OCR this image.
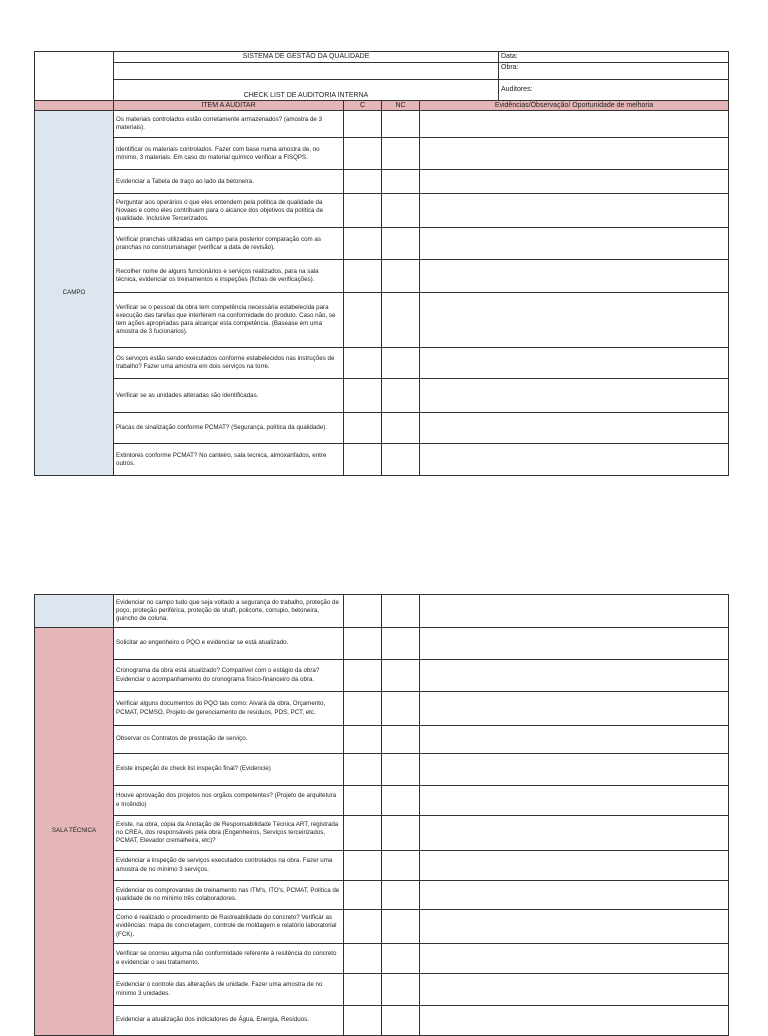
	SISTEMA DE GESTÃO DA QUALIDADE				Data:
					Obra:
	CHECK LIST DE AUDITORIA INTERNA				Auditores:
	ITEM A AUDITAR	C	NC	Evidências/Observação/ Oportunidade de melhoria	
CAMPO	Os materiais controlados estão corretamente armazenados? (amostra de 3 materiais).				
	Identificar os materiais controlados. Fazer com base numa amostra de, no mínimo, 3 materiais. Em caso do material químico verificar a FISQPS.				
	Evidenciar a Tabela de traço ao lado da betoneira.				
	Perguntar aos operários o que eles entendem pela política de qualidade da Novaes e como eles contribuem para o alcance dos objetivos da política de qualidade. Inclusive Tercerizados.				
	Verificar pranchas utilizadas em campo para posterior comparação com as pranchas no construmanager (verificar a data de revisão).				
	Recolher nome de alguns funcionários e serviços realizados, para na sala técnica, evidenciar os treinamentos e inspeções (fichas de verificações).				
	Verificar se o pessoal da obra tem competência necessária estabelecida para execução das tarefas que interferem na conformidade do produto. Caso não, se tem ações apropriadas para alcançar esta competência. (Basease em uma amostra de 3 fucionarios).				
	Os serviços estão sendo executados conforme estabelecidos nas instruções de trabalho? Fazer uma amostra em dois serviços na torre.				
	Verificar se as unidades alteradas são identificadas.				
	Placas de sinalização conforme PCMAT? (Segurança, política da qualidade).				
	Extintores conforme PCMAT? No canteiro, sala tecnica, almoxarifados, entre outros.				
	Evidenciar no campo tudo que seja voltado a segurança do trabalho, proteção de poço, proteção periférica, proteção de shaft, policorte, corrupio, betoneira, guincho de coluna.			
SALA TÉCNICA	Solicitar ao engenheiro o PQO e evidenciar se está atualizado.			
	Cronograma da obra está atualizado? Compatível com o estágio da obra? Evidenciar o acompanhamento do cronograma físico-financeiro da obra.			
	Verificar alguns documentos do PQO tais como: Alvará da obra, Orçamento, PCMAT, PCMSO, Projeto de gerenciamento de resíduos, PDS, PCT, etc.			
	Observar os Contratos de prestação de serviço.			
	Existe inspeção de check list inspeção final? (Evidencie)			
	Houve aprovação dos projetos nos orgãos competentes? (Projeto de arquitetura e Incêndio)			
	Existe, na obra, cópia da Anotação de Responsabilidade Técnica ART, registrada no CREA, dos responsáveis pela obra (Engenheiros, Serviços terceirizados, PCMAT, Elevador cremalheira, etc)?			
	Evidenciar a inspeção de serviços executados controlados na obra. Fazer uma amostra de no mínimo 3 serviços.			
	Evidenciar os comprovantes de treinamento nas ITM's, ITO's, PCMAT, Política de qualidade de no mínimo três colaboradores.			
	Como é realizado o procedimento de Rastreabilidade do concreto? Verificar as evidências: mapa de concretagem, controle de moldagem e relatório laboratorial (FCK).			
	Verificar se ocorreu alguma não conformidade referente à resitência do concreto e evidenciar o seu tratamento.			
	Evidenciar o controle das alterações de unidade. Fazer uma amostra de no mínimo 3 unidades.			
	Evidenciar a atualização dos indicadores de Água, Energia, Resíduos.			
